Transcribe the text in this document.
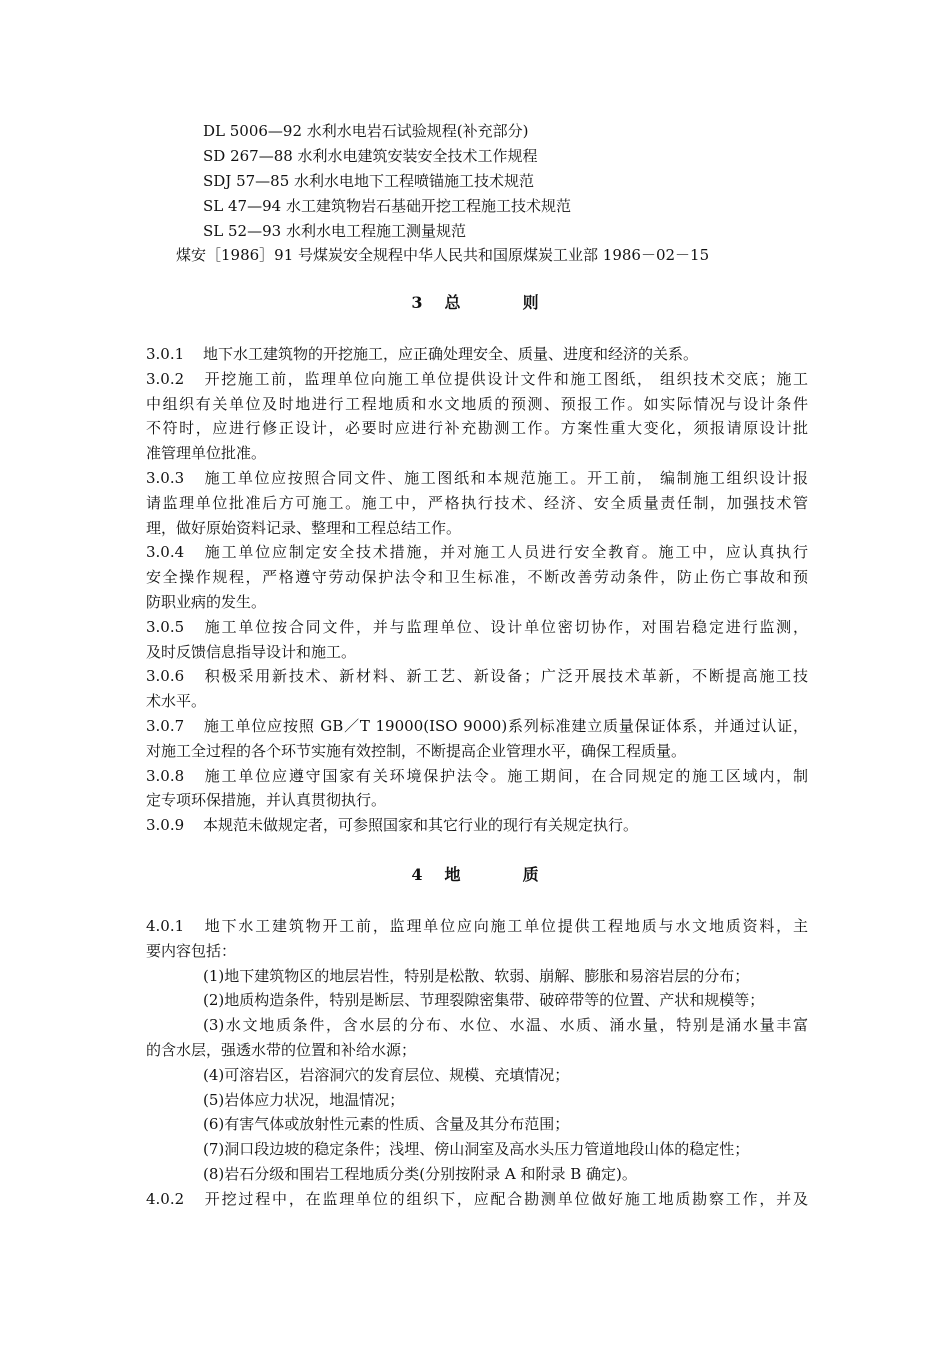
DL 5006—92 水利水电岩石试验规程(补充部分)
SD 267—88 水利水电建筑安装安全技术工作规程
SDJ 57—85 水利水电地下工程喷锚施工技术规范
SL 47—94 水工建筑物岩石基础开挖工程施工技术规范
SL 52—93 水利水电工程施工测量规范
煤安［1986］91 号煤炭安全规程中华人民共和国原煤炭工业部 1986－02－15
3 总	则
3.0.1 地下水工建筑物的开挖施工，应正确处理安全、质量、进度和经济的关系。
3.0.2 开挖施工前，监理单位向施工单位提供设计文件和施工图纸， 组织技术交底；施工
中组织有关单位及时地进行工程地质和水文地质的预测、预报工作。如实际情况与设计条件
不符时，应进行修正设计，必要时应进行补充勘测工作。方案性重大变化，须报请原设计批
准管理单位批准。
3.0.3 施工单位应按照合同文件、施工图纸和本规范施工。开工前， 编制施工组织设计报
请监理单位批准后方可施工。施工中，严格执行技术、经济、安全质量责任制，加强技术管
理，做好原始资料记录、整理和工程总结工作。
3.0.4 施工单位应制定安全技术措施，并对施工人员进行安全教育。施工中，应认真执行
安全操作规程，严格遵守劳动保护法令和卫生标准，不断改善劳动条件，防止伤亡事故和预
防职业病的发生。
3.0.5 施工单位按合同文件，并与监理单位、设计单位密切协作，对围岩稳定进行监测，
及时反馈信息指导设计和施工。
3.0.6 积极采用新技术、新材料、新工艺、新设备；广泛开展技术革新，不断提高施工技
术水平。
3.0.7 施工单位应按照 GB／T 19000(ISO 9000)系列标准建立质量保证体系，并通过认证，
对施工全过程的各个环节实施有效控制，不断提高企业管理水平，确保工程质量。
3.0.8 施工单位应遵守国家有关环境保护法令。施工期间，在合同规定的施工区域内，制
定专项环保措施，并认真贯彻执行。
3.0.9 本规范未做规定者，可参照国家和其它行业的现行有关规定执行。
4 地	质
4.0.1 地下水工建筑物开工前，监理单位应向施工单位提供工程地质与水文地质资料，主
要内容包括：
(1)地下建筑物区的地层岩性，特别是松散、软弱、崩解、膨胀和易溶岩层的分布；
(2)地质构造条件，特别是断层、节理裂隙密集带、破碎带等的位置、产状和规模等；
(3)水文地质条件，含水层的分布、水位、水温、水质、涌水量，特别是涌水量丰富
的含水层，强透水带的位置和补给水源；
(4)可溶岩区，岩溶洞穴的发育层位、规模、充填情况；
(5)岩体应力状况，地温情况；
(6)有害气体或放射性元素的性质、含量及其分布范围；
(7)洞口段边坡的稳定条件；浅埋、傍山洞室及高水头压力管道地段山体的稳定性；
(8)岩石分级和围岩工程地质分类(分别按附录 A 和附录 B 确定)。
4.0.2 开挖过程中，在监理单位的组织下，应配合勘测单位做好施工地质勘察工作，并及
